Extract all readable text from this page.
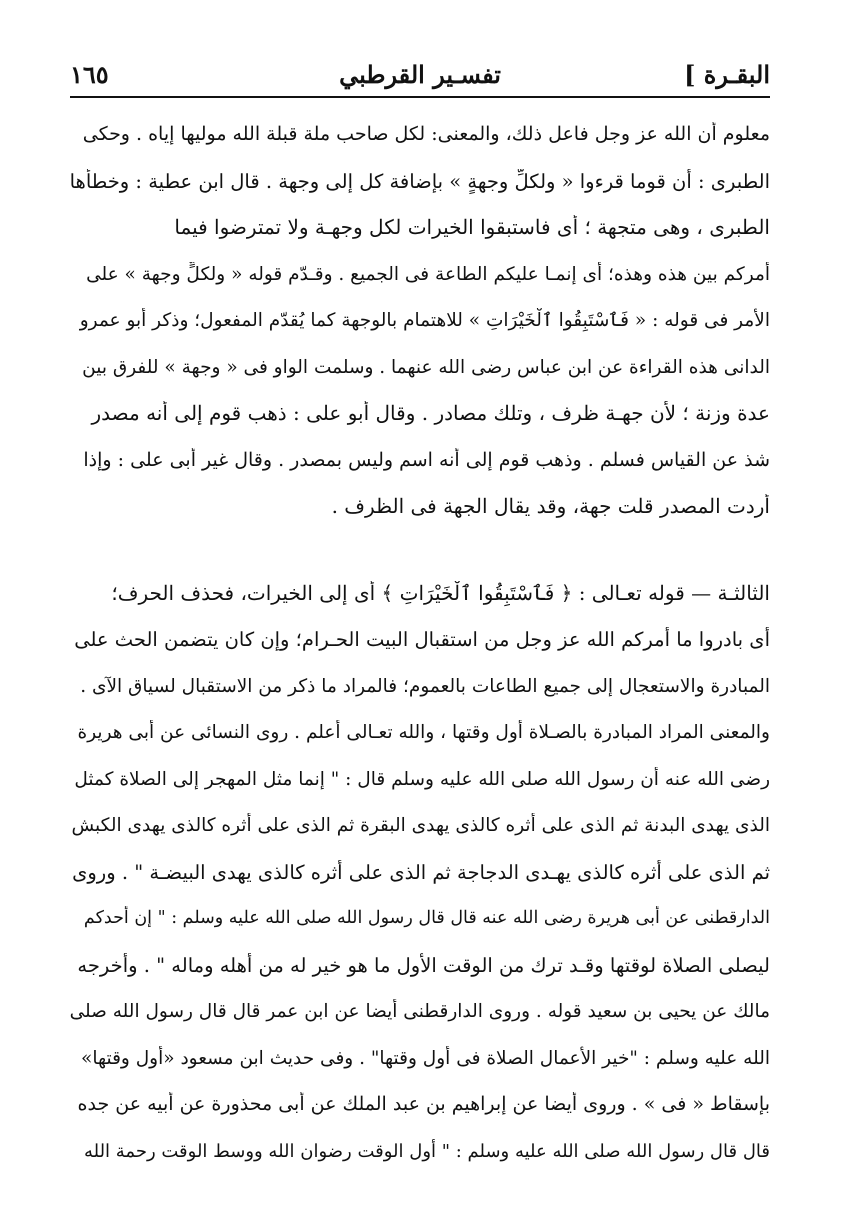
البقـرة ]
تفسـير القرطبي
١٦٥
معلوم أن الله عز وجل فاعل ذلك، والمعنى: لكل صاحب ملة قبلة الله موليها إياه . وحكى
الطبرى : أن قوما قرءوا « ولكلِّ وجهةٍ » بإضافة كل إلى وجهة . قال ابن عطية : وخطأها
الطبرى ، وهى متجهة ؛ أى فاستبقوا الخيرات لكل وجهـة ولا تمترضوا فيما
أمركم بين هذه وهذه؛ أى إنمـا عليكم الطاعة فى الجميع . وقـدّم قوله « ولكلٍّ وجهة » على
الأمر فى قوله : « فَٱسْتَبِقُوا ٱلْخَيْرَاتِ » للاهتمام بالوجهة كما يُقدّم المفعول؛ وذكر أبو عمرو
الدانى هذه القراءة عن ابن عباس رضى الله عنهما . وسلمت الواو فى « وجهة » للفرق بين
عدة وزنة ؛ لأن جهـة ظرف ، وتلك مصادر . وقال أبو على : ذهب قوم إلى أنه مصدر
شذ عن القياس فسلم . وذهب قوم إلى أنه اسم وليس بمصدر . وقال غير أبى على : وإذا
أردت المصدر قلت جهة، وقد يقال الجهة فى الظرف .
الثالثـة — قوله تعـالى : ﴿ فَٱسْتَبِقُوا ٱلْخَيْرَاتِ ﴾ أى إلى الخيرات، فحذف الحرف؛
أى بادروا ما أمركم الله عز وجل من استقبال البيت الحـرام؛ وإن كان يتضمن الحث على
المبادرة والاستعجال إلى جميع الطاعات بالعموم؛ فالمراد ما ذكر من الاستقبال لسياق الآى .
والمعنى المراد المبادرة بالصـلاة أول وقتها ، والله تعـالى أعلم . روى النسائى عن أبى هريرة
رضى الله عنه أن رسول الله صلى الله عليه وسلم قال : " إنما مثل المهجر إلى الصلاة كمثل
الذى يهدى البدنة ثم الذى على أثره كالذى يهدى البقرة ثم الذى على أثره كالذى يهدى الكبش
ثم الذى على أثره كالذى يهـدى الدجاجة ثم الذى على أثره كالذى يهدى البيضـة " . وروى
الدارقطنى عن أبى هريرة رضى الله عنه قال قال رسول الله صلى الله عليه وسلم : " إن أحدكم
ليصلى الصلاة لوقتها وقـد ترك من الوقت الأول ما هو خير له من أهله وماله " . وأخرجه
مالك عن يحيى بن سعيد قوله . وروى الدارقطنى أيضا عن ابن عمر قال قال رسول الله صلى
الله عليه وسلم : "خير الأعمال الصلاة فى أول وقتها" . وفى حديث ابن مسعود «أول وقتها»
بإسقاط « فى » . وروى أيضا عن إبراهيم بن عبد الملك عن أبى محذورة عن أبيه عن جده
قال قال رسول الله صلى الله عليه وسلم : " أول الوقت رضوان الله ووسط الوقت رحمة الله
